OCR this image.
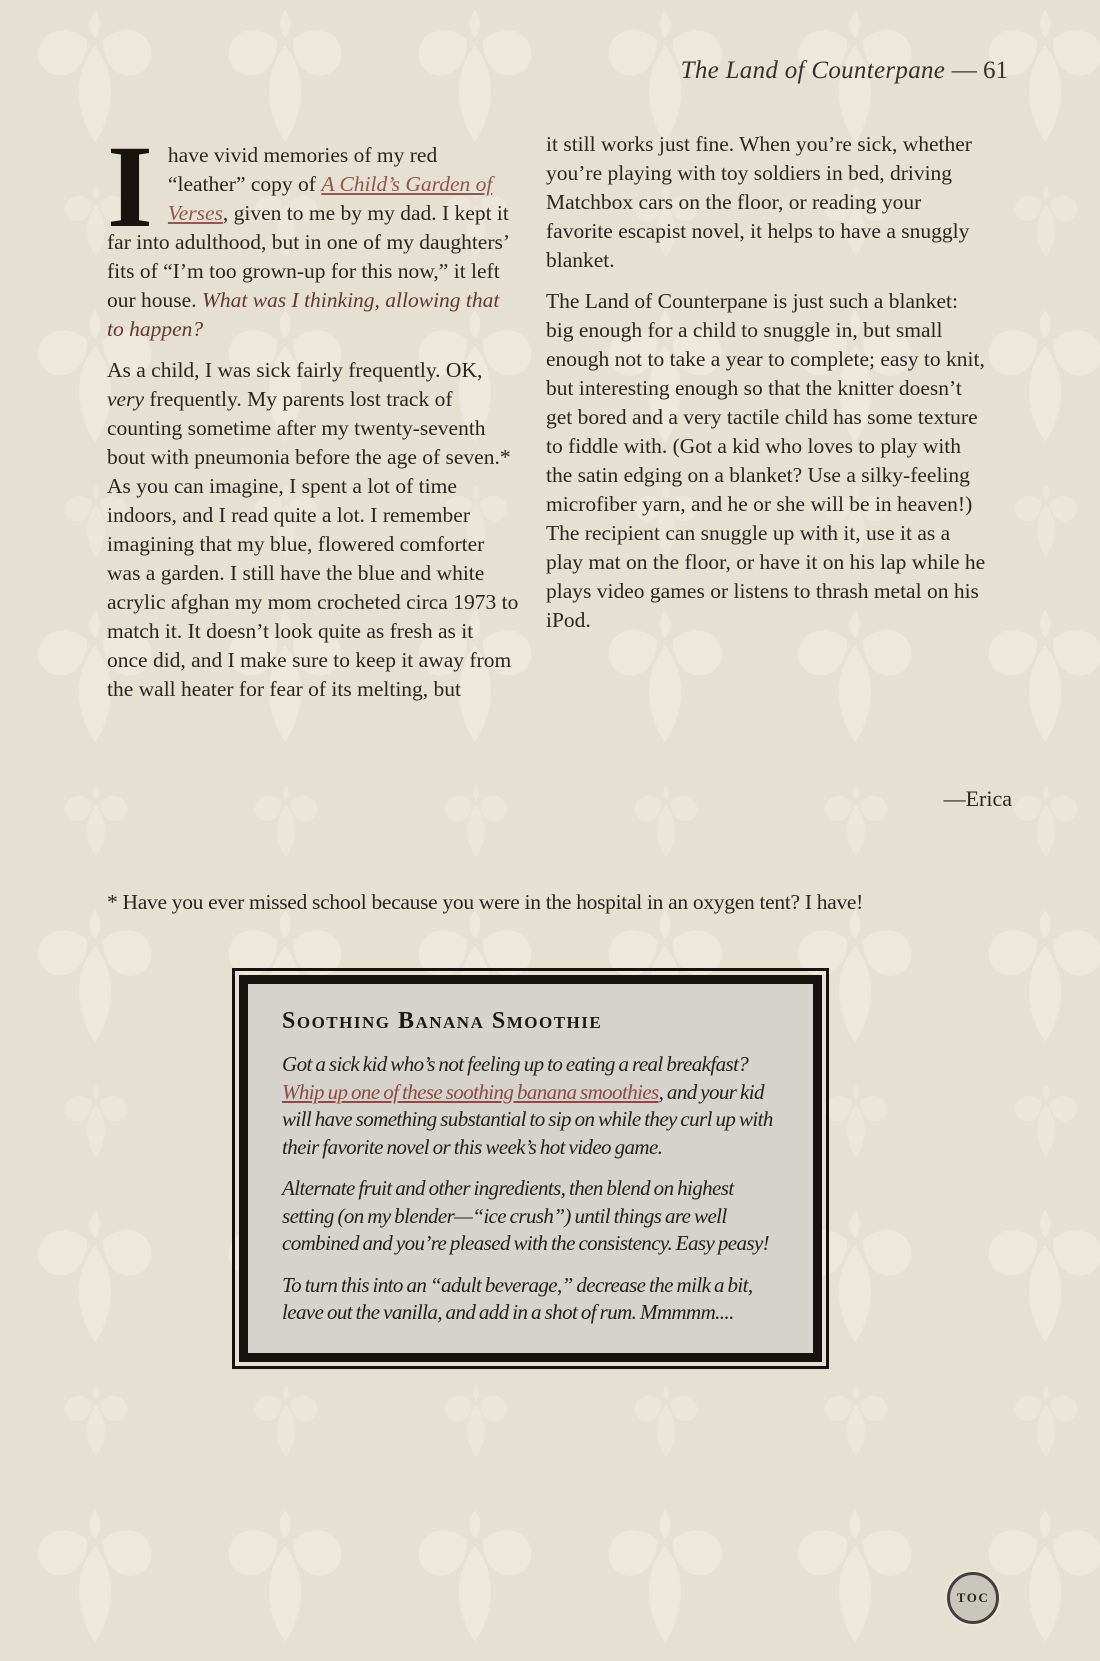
The Land of Counterpane — 61

Ihave vivid memories of my red “leather” copy of A Child’s Garden of Verses, given to me by my dad. I kept it far into adulthood, but in one of my daughters’ fits of “I’m too grown-up for this now,” it left our house. What was I thinking, allowing that to happen?

As a child, I was sick fairly frequently. OK, very frequently. My parents lost track of counting sometime after my twenty-seventh bout with pneumonia before the age of seven.* As you can imagine, I spent a lot of time indoors, and I read quite a lot. I remember imagining that my blue, flowered comforter was a garden. I still have the blue and white acrylic afghan my mom crocheted circa 1973 to match it. It doesn’t look quite as fresh as it once did, and I make sure to keep it away from the wall heater for fear of its melting, but

it still works just fine. When you’re sick, whether you’re playing with toy soldiers in bed, driving Matchbox cars on the floor, or reading your favorite escapist novel, it helps to have a snuggly blanket.

The Land of Counterpane is just such a blanket: big enough for a child to snuggle in, but small enough not to take a year to complete; easy to knit, but interesting enough so that the knitter doesn’t get bored and a very tactile child has some texture to fiddle with. (Got a kid who loves to play with the satin edging on a blanket? Use a silky-feeling microfiber yarn, and he or she will be in heaven!) The recipient can snuggle up with it, use it as a play mat on the floor, or have it on his lap while he plays video games or listens to thrash metal on his iPod.

—Erica
* Have you ever missed school because you were in the hospital in an oxygen tent? I have!
Soothing Banana Smoothie

Got a sick kid who’s not feeling up to eating a real breakfast? Whip up one of these soothing banana smoothies, and your kid will have something substantial to sip on while they curl up with their favorite novel or this week’s hot video game.

Alternate fruit and other ingredients, then blend on highest setting (on my blender—“ice crush”) until things are well combined and you’re pleased with the consistency. Easy peasy!

To turn this into an “adult beverage,” decrease the milk a bit, leave out the vanilla, and add in a shot of rum. Mmmmm....

TOC
